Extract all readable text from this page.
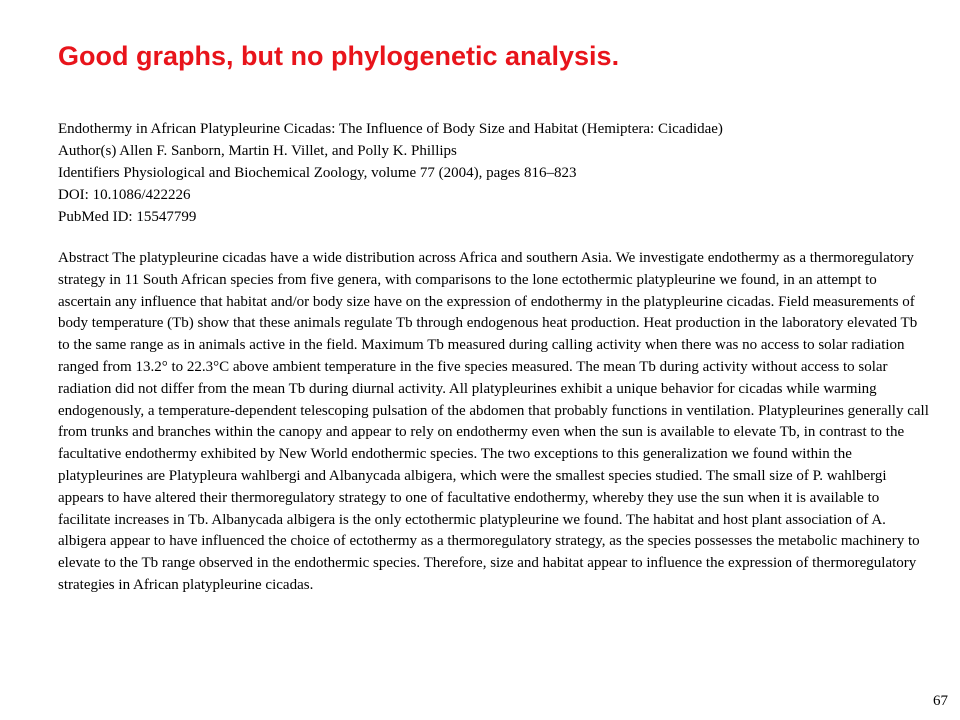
Good graphs, but no phylogenetic analysis.
Endothermy in African Platypleurine Cicadas: The Influence of Body Size and Habitat (Hemiptera: Cicadidae)
Author(s) Allen F. Sanborn, Martin H. Villet, and Polly K. Phillips
Identifiers Physiological and Biochemical Zoology, volume 77 (2004), pages 816–823
DOI: 10.1086/422226
PubMed ID: 15547799

Abstract The platypleurine cicadas have a wide distribution across Africa and southern Asia. We investigate endothermy as a thermoregulatory strategy in 11 South African species from five genera, with comparisons to the lone ectothermic platypleurine we found, in an attempt to ascertain any influence that habitat and/or body size have on the expression of endothermy in the platypleurine cicadas. Field measurements of body temperature (Tb) show that these animals regulate Tb through endogenous heat production. Heat production in the laboratory elevated Tb to the same range as in animals active in the field. Maximum Tb measured during calling activity when there was no access to solar radiation ranged from 13.2° to 22.3°C above ambient temperature in the five species measured. The mean Tb during activity without access to solar radiation did not differ from the mean Tb during diurnal activity. All platypleurines exhibit a unique behavior for cicadas while warming endogenously, a temperature-dependent telescoping pulsation of the abdomen that probably functions in ventilation. Platypleurines generally call from trunks and branches within the canopy and appear to rely on endothermy even when the sun is available to elevate Tb, in contrast to the facultative endothermy exhibited by New World endothermic species. The two exceptions to this generalization we found within the platypleurines are Platypleura wahlbergi and Albanycada albigera, which were the smallest species studied. The small size of P. wahlbergi appears to have altered their thermoregulatory strategy to one of facultative endothermy, whereby they use the sun when it is available to facilitate increases in Tb. Albanycada albigera is the only ectothermic platypleurine we found. The habitat and host plant association of A. albigera appear to have influenced the choice of ectothermy as a thermoregulatory strategy, as the species possesses the metabolic machinery to elevate to the Tb range observed in the endothermic species. Therefore, size and habitat appear to influence the expression of thermoregulatory strategies in African platypleurine cicadas.

67
